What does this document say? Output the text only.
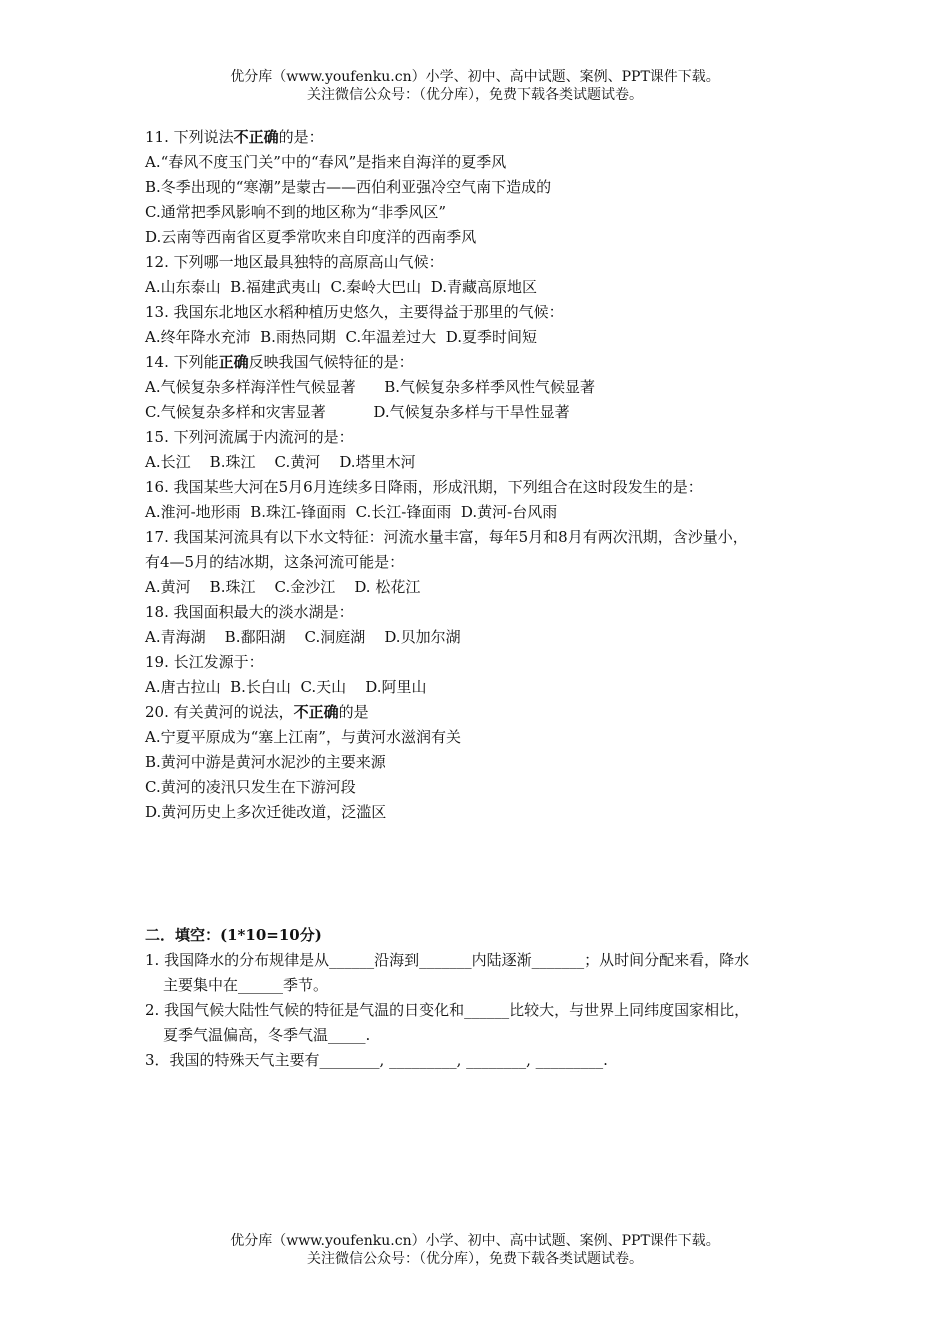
优分库（www.youfenku.cn）小学、初中、高中试题、案例、PPT课件下载。
关注微信公众号：（优分库），免费下载各类试题试卷。
11. 下列说法不正确的是：
A.“春风不度玉门关”中的“春风”是指来自海洋的夏季风
B.冬季出现的“寒潮”是蒙古——西伯利亚强冷空气南下造成的
C.通常把季风影响不到的地区称为“非季风区”
D.云南等西南省区夏季常吹来自印度洋的西南季风
12. 下列哪一地区最具独特的高原高山气候：
A.山东泰山  B.福建武夷山  C.秦岭大巴山  D.青藏高原地区
13. 我国东北地区水稻种植历史悠久，主要得益于那里的气候：
A.终年降水充沛  B.雨热同期  C.年温差过大  D.夏季时间短
14. 下列能正确反映我国气候特征的是：
A.气候复杂多样海洋性气候显著      B.气候复杂多样季风性气候显著
C.气候复杂多样和灾害显著          D.气候复杂多样与干旱性显著
15. 下列河流属于内流河的是：
A.长江    B.珠江    C.黄河    D.塔里木河
16. 我国某些大河在5月6月连续多日降雨，形成汛期，下列组合在这时段发生的是：
A.淮河-地形雨  B.珠江-锋面雨  C.长江-锋面雨  D.黄河-台风雨
17. 我国某河流具有以下水文特征：河流水量丰富，每年5月和8月有两次汛期，含沙量小，
有4—5月的结冰期，这条河流可能是：
A.黄河    B.珠江    C.金沙江    D. 松花江
18. 我国面积最大的淡水湖是：
A.青海湖    B.鄱阳湖    C.洞庭湖    D.贝加尔湖
19. 长江发源于：
A.唐古拉山  B.长白山  C.天山    D.阿里山
20. 有关黄河的说法，不正确的是
A.宁夏平原成为“塞上江南”，与黄河水滋润有关
B.黄河中游是黄河水泥沙的主要来源
C.黄河的凌汛只发生在下游河段
D.黄河历史上多次迁徙改道，泛滥区
二．填空：(1*10=10分)
1. 我国降水的分布规律是从______沿海到_______内陆逐渐_______；从时间分配来看，降水
主要集中在______季节。
2. 我国气候大陆性气候的特征是气温的日变化和______比较大，与世界上同纬度国家相比，
夏季气温偏高，冬季气温_____.
3．我国的特殊天气主要有________, _________, ________, _________.
优分库（www.youfenku.cn）小学、初中、高中试题、案例、PPT课件下载。
关注微信公众号：（优分库），免费下载各类试题试卷。
